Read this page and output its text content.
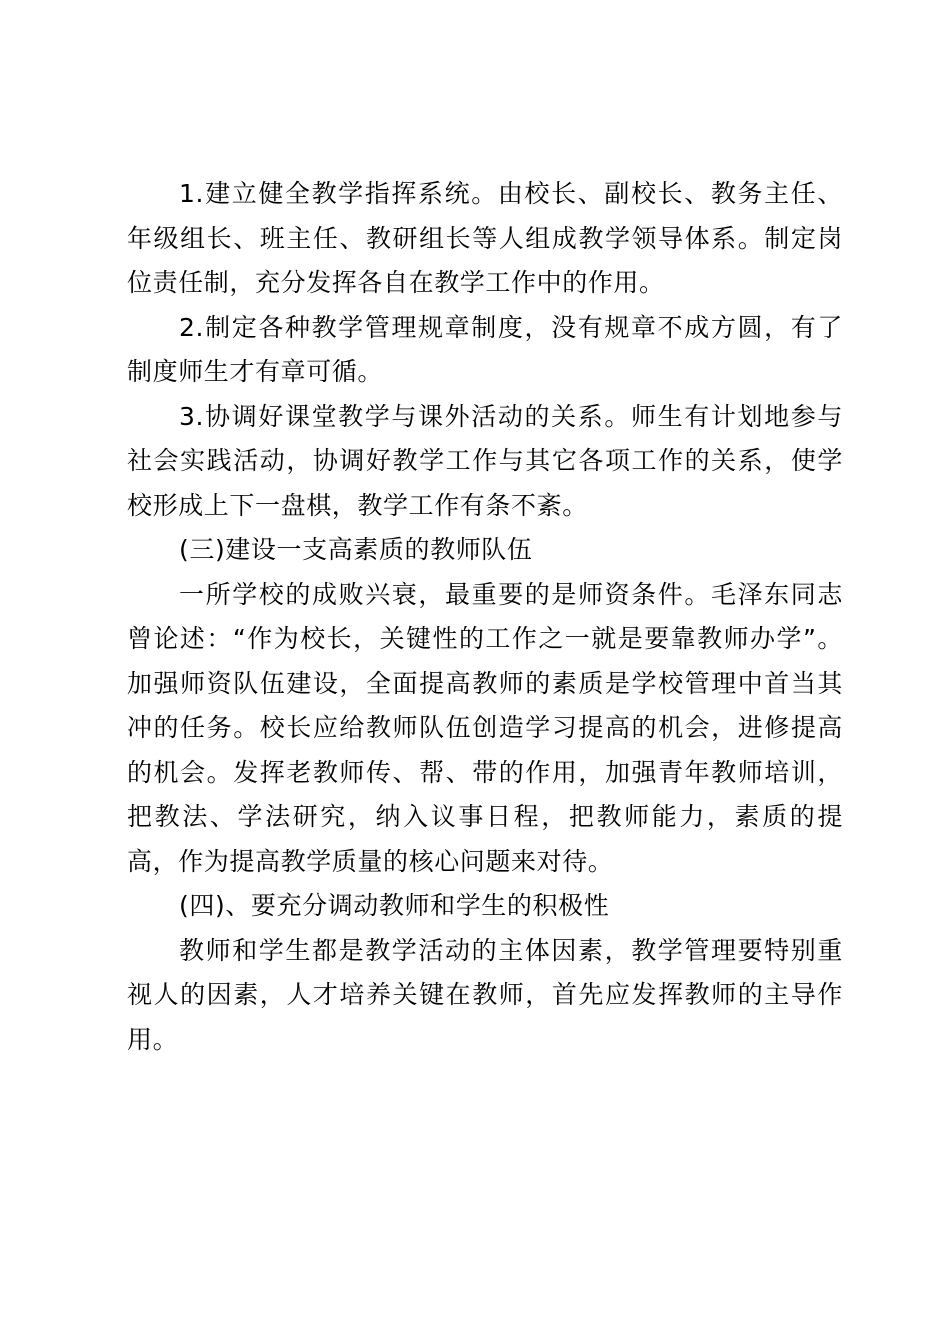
1.建立健全教学指挥系统。由校长、副校长、教务主任、年级组长、班主任、教研组长等人组成教学领导体系。制定岗位责任制，充分发挥各自在教学工作中的作用。

2.制定各种教学管理规章制度，没有规章不成方圆，有了制度师生才有章可循。

3.协调好课堂教学与课外活动的关系。师生有计划地参与社会实践活动，协调好教学工作与其它各项工作的关系，使学校形成上下一盘棋，教学工作有条不紊。

(三)建设一支高素质的教师队伍

一所学校的成败兴衰，最重要的是师资条件。毛泽东同志曾论述：“作为校长，关键性的工作之一就是要靠教师办学”。加强师资队伍建设，全面提高教师的素质是学校管理中首当其冲的任务。校长应给教师队伍创造学习提高的机会，进修提高的机会。发挥老教师传、帮、带的作用，加强青年教师培训，把教法、学法研究，纳入议事日程，把教师能力，素质的提高，作为提高教学质量的核心问题来对待。

(四)、要充分调动教师和学生的积极性

教师和学生都是教学活动的主体因素，教学管理要特别重视人的因素，人才培养关键在教师，首先应发挥教师的主导作用。
